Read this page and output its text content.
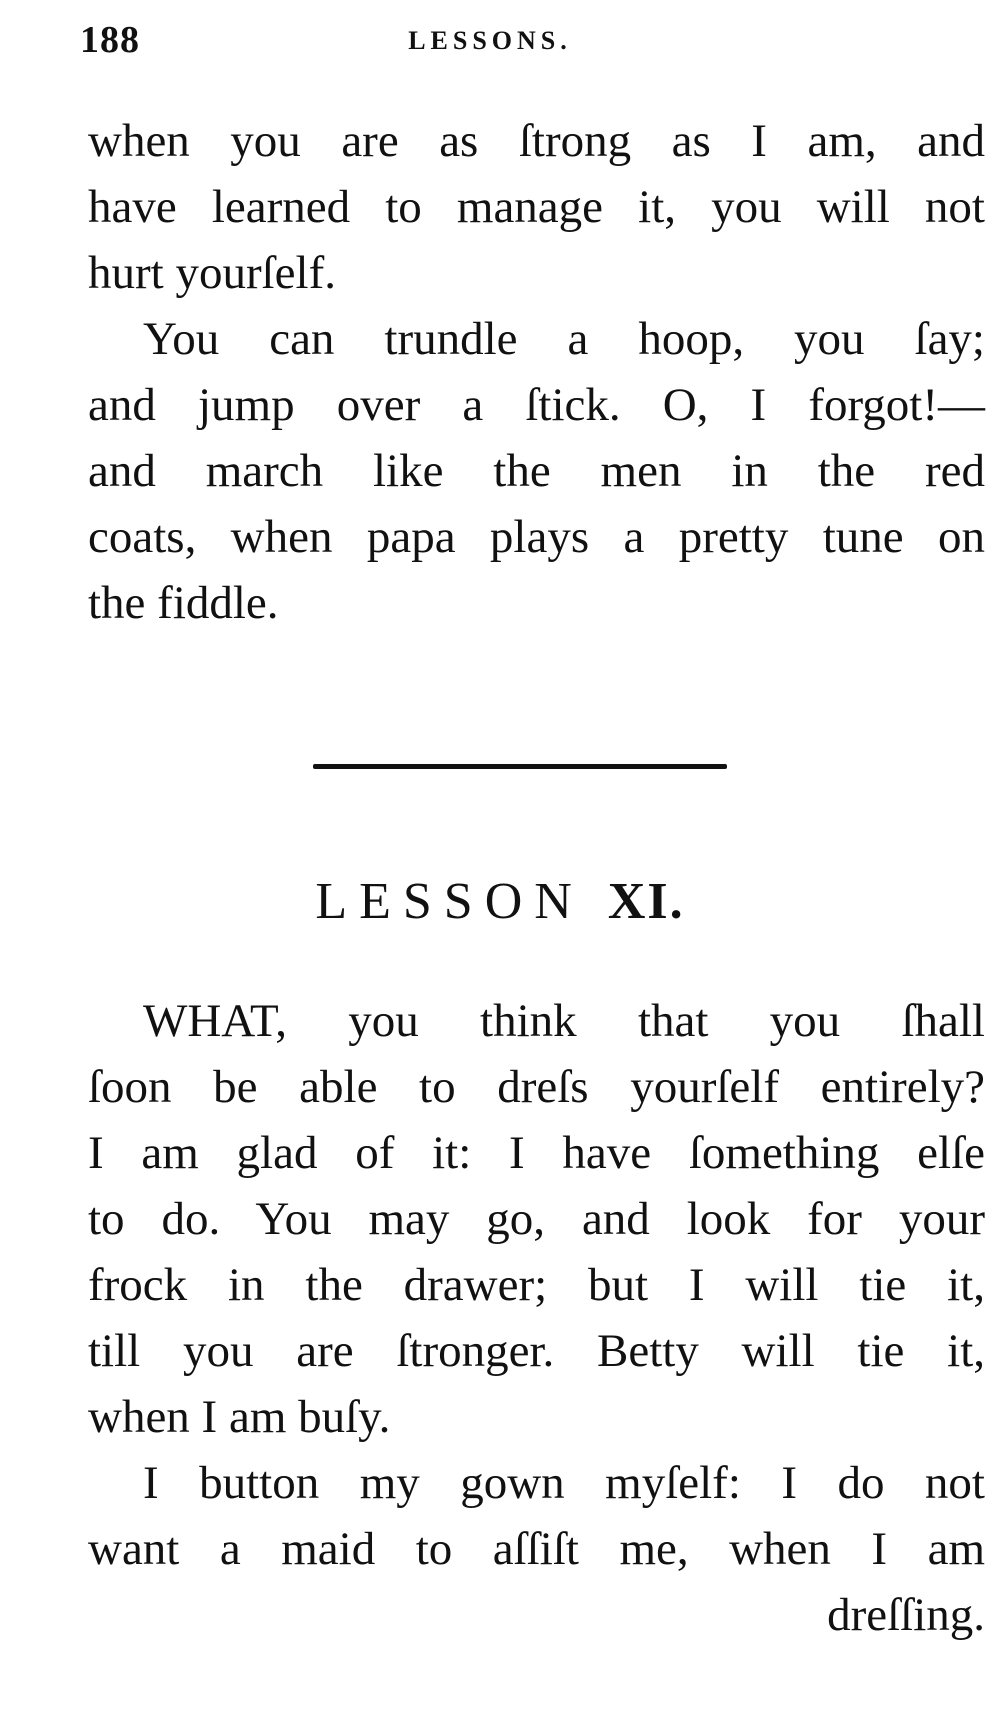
188	LESSONS.

when you are as ſtrong as I am, and
have learned to manage it, you will not
hurt yourſelf.

You can trundle a hoop, you ſay;
and jump over a ſtick. O, I forgot!—
and march like the men in the red
coats, when papa plays a pretty tune on
the fiddle.

LESSON XI.

WHAT, you think that you ſhall
ſoon be able to dreſs yourſelf entirely?
I am glad of it: I have ſomething elſe
to do. You may go, and look for your
frock in the drawer; but I will tie it,
till you are ſtronger. Betty will tie it,
when I am buſy.

I button my gown myſelf: I do not
want a maid to aſſiſt me, when I am
dreſſing.
